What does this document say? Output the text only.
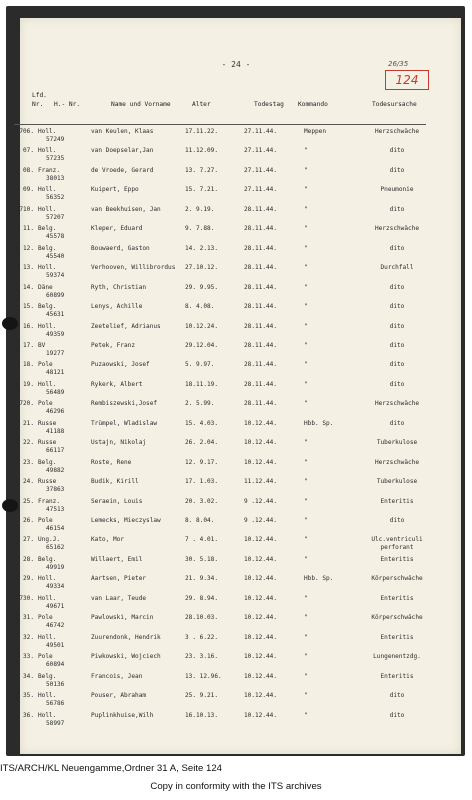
- 24 -	26/35
124
Lfd.
Nr. H.- Nr.	Name und Vorname	Alter	Todestag Kommando	Todesursache
706. Holl.
57249
van Keulen, Klaas	17.11.22.	27.11.44.	Meppen	Herzschwäche
07. Holl.
57235
van Doepselar,Jan	11.12.09.	27.11.44.	"	dito
08. Franz.
38013
de Vroede, Gerard	13. 7.27.	27.11.44.	"	dito
09. Holl.
56352
Kuipert, Eppo	15. 7.21.	27.11.44.	"	Pneumonie
710. Holl.
57207
van Beekhuisen, Jan	2. 9.19.	28.11.44.	"	dito
11. Belg.
45578
Kleper, Eduard	9. 7.88.	28.11.44.	"	Herzschwäche
12. Belg.
45540
Bouwaerd, Gaston	14. 2.13.	28.11.44.	"	dito
13. Holl.
59374
Verhooven, Willibrordus 27.10.12.	28.11.44.	"	Durchfall
14. Däne
60899
Ryth, Christian	29. 9.95.	28.11.44.	"	dito
15. Belg.
45631
Lenys, Achille	8. 4.08.	28.11.44.	"	dito
16. Holl.
49359
Zeetelief, Adrianus	10.12.24.	28.11.44.	"	dito
17. BV
19277
Petek, Franz	29.12.04.	28.11.44.	"	dito
18. Pole
48121
Puzaowski, Josef	5. 9.97.	28.11.44.	"	dito
19. Holl.
56489
Rykerk, Albert	18.11.19.	28.11.44.	"	dito
720. Pole
46296
Rembiszewski,Josef	2. 5.99.	28.11.44.	"	Herzschwäche
21. Russe
41188
Trümpel, Wladislaw	15. 4.03.	10.12.44.	Hbb. Sp.	dito
22. Russe
66117
Ustajn, Nikolaj	26. 2.04.	10.12.44.	"	Tuberkulose
23. Belg.
49882
Roste, Rene	12. 9.17.	10.12.44.	"	Herzschwäche
24. Russe
37863
Budik, Kirill	17. 1.03.	11.12.44.	"	Tuberkulose
25. Franz.
47513
Seraein, Louis	20. 3.02.	9 .12.44.	"	Enteritis
26. Pole
46154
Lemecks, Mieczyslaw	8. 8.04.	9 .12.44.	"	dito
27. Ung.J.
65162
Kato, Mor	7 . 4.01.	10.12.44.	"	Ulc.ventriculi
perforant
28. Belg.
49919
Willaert, Emil	30. 5.18.	10.12.44.	"	Enteritis
29. Holl.
49334
Aartsen, Pieter	21. 9.34.	10.12.44.	Hbb. Sp.	Körperschwäche
730. Holl.
49671
van Laar, Teude	29. 8.94.	10.12.44.	"	Enteritis
31. Pole
46742
Pawlowski, Marcin	28.10.03.	10.12.44.	"	Körperschwäche
32. Holl.
49501
Zuurendonk, Hendrik	3 . 6.22.	10.12.44.	"	Enteritis
33. Pole
60894
Piwkowski, Wojciech	23. 3.16.	10.12.44.	"	Lungenentzdg.
34. Belg.
50136
Francois, Jean	13. 12.96.	10.12.44.	"	Enteritis
35. Holl.
56786
Pouser, Abraham	25. 9.21.	10.12.44.	"	dito
36. Holl.
58997
Puplinkhuise,Wilh	16.10.13.	10.12.44.	"	dito
ITS/ARCH/KL Neuengamme,Ordner 31 A, Seite 124
Copy in conformity with the ITS archives
